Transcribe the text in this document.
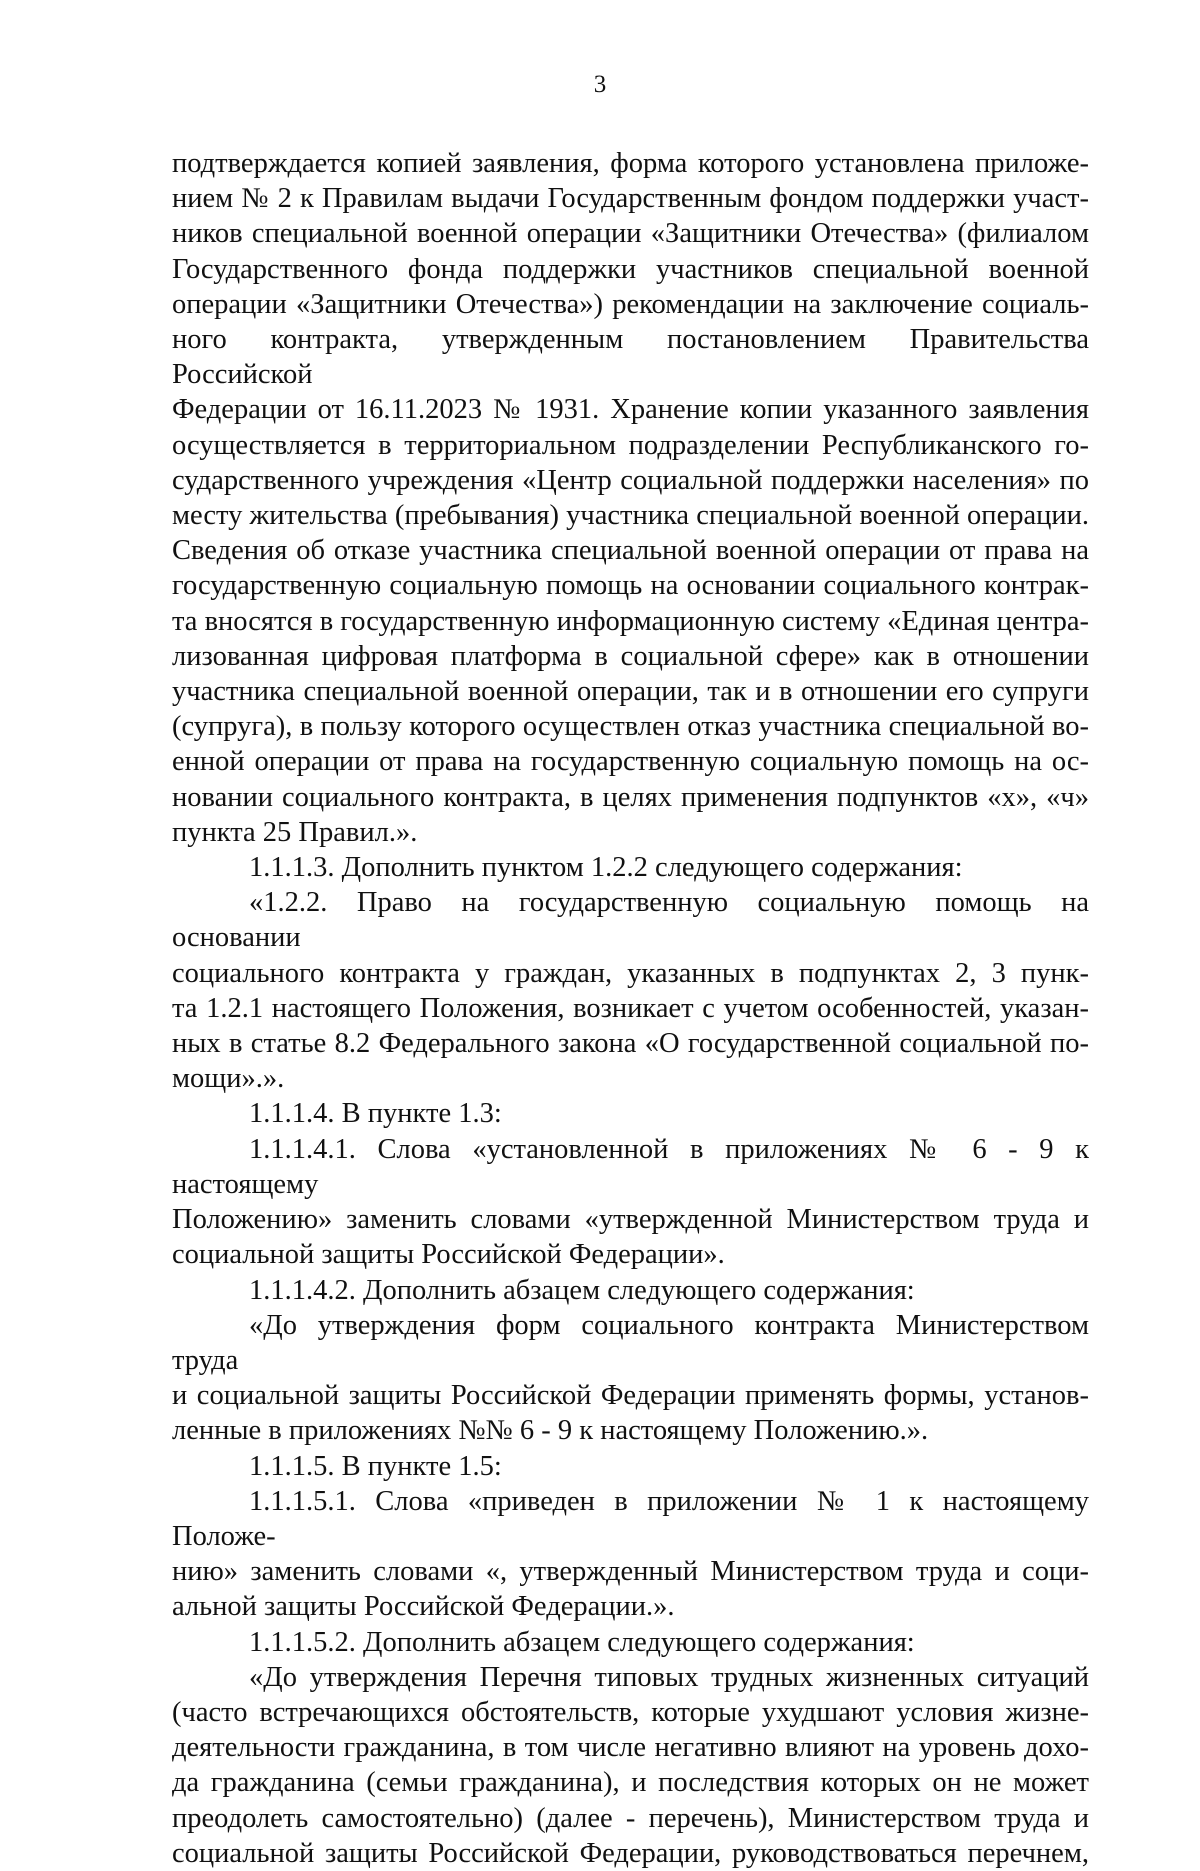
3

подтверждается копией заявления, форма которого установлена приложе-
нием № 2 к Правилам выдачи Государственным фондом поддержки участ-
ников специальной военной операции «Защитники Отечества» (филиалом
Государственного фонда поддержки участников специальной военной
операции «Защитники Отечества») рекомендации на заключение социаль-
ного контракта, утвержденным постановлением Правительства Российской
Федерации от 16.11.2023 № 1931. Хранение копии указанного заявления
осуществляется в территориальном подразделении Республиканского го-
сударственного учреждения «Центр социальной поддержки населения» по
месту жительства (пребывания) участника специальной военной операции.
Сведения об отказе участника специальной военной операции от права на
государственную социальную помощь на основании социального контрак-
та вносятся в государственную информационную систему «Единая центра-
лизованная цифровая платформа в социальной сфере» как в отношении
участника специальной военной операции, так и в отношении его супруги
(супруга), в пользу которого осуществлен отказ участника специальной во-
енной операции от права на государственную социальную помощь на ос-
новании социального контракта, в целях применения подпунктов «х», «ч»
пункта 25 Правил.».

1.1.1.3. Дополнить пунктом 1.2.2 следующего содержания:

«1.2.2. Право на государственную социальную помощь на основании
социального контракта у граждан, указанных в подпунктах 2, 3 пунк-
та 1.2.1 настоящего Положения, возникает с учетом особенностей, указан-
ных в статье 8.2 Федерального закона «О государственной социальной по-
мощи».».

1.1.1.4. В пункте 1.3:

1.1.1.4.1. Слова «установленной в приложениях № 6 - 9 к настоящему
Положению» заменить словами «утвержденной Министерством труда и
социальной защиты Российской Федерации».

1.1.1.4.2. Дополнить абзацем следующего содержания:

«До утверждения форм социального контракта Министерством труда
и социальной защиты Российской Федерации применять формы, установ-
ленные в приложениях №№ 6 - 9 к настоящему Положению.».

1.1.1.5. В пункте 1.5:

1.1.1.5.1. Слова «приведен в приложении № 1 к настоящему Положе-
нию» заменить словами «, утвержденный Министерством труда и соци-
альной защиты Российской Федерации.».

1.1.1.5.2. Дополнить абзацем следующего содержания:

«До утверждения Перечня типовых трудных жизненных ситуаций
(часто встречающихся обстоятельств, которые ухудшают условия жизне-
деятельности гражданина, в том числе негативно влияют на уровень дохо-
да гражданина (семьи гражданина), и последствия которых он не может
преодолеть самостоятельно) (далее - перечень), Министерством труда и
социальной защиты Российской Федерации, руководствоваться перечнем,
